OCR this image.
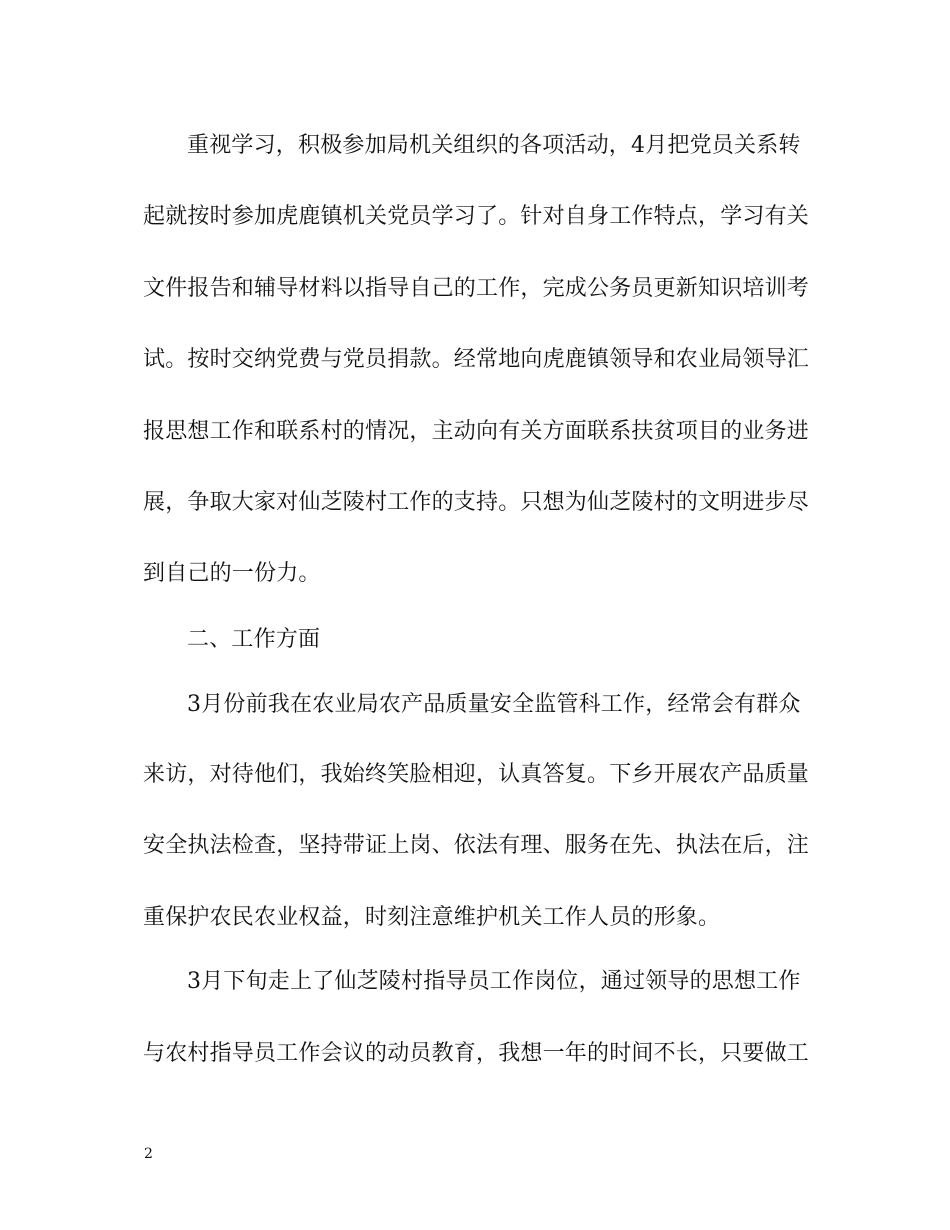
重视学习，积极参加局机关组织的各项活动，4月把党员关系转
起就按时参加虎鹿镇机关党员学习了。针对自身工作特点，学习有关
文件报告和辅导材料以指导自己的工作，完成公务员更新知识培训考
试。按时交纳党费与党员捐款。经常地向虎鹿镇领导和农业局领导汇
报思想工作和联系村的情况，主动向有关方面联系扶贫项目的业务进
展，争取大家对仙芝陵村工作的支持。只想为仙芝陵村的文明进步尽
到自己的一份力。
二、工作方面
3月份前我在农业局农产品质量安全监管科工作，经常会有群众
来访，对待他们，我始终笑脸相迎，认真答复。下乡开展农产品质量
安全执法检查，坚持带证上岗、依法有理、服务在先、执法在后，注
重保护农民农业权益，时刻注意维护机关工作人员的形象。
3月下旬走上了仙芝陵村指导员工作岗位，通过领导的思想工作
与农村指导员工作会议的动员教育，我想一年的时间不长，只要做工
2
